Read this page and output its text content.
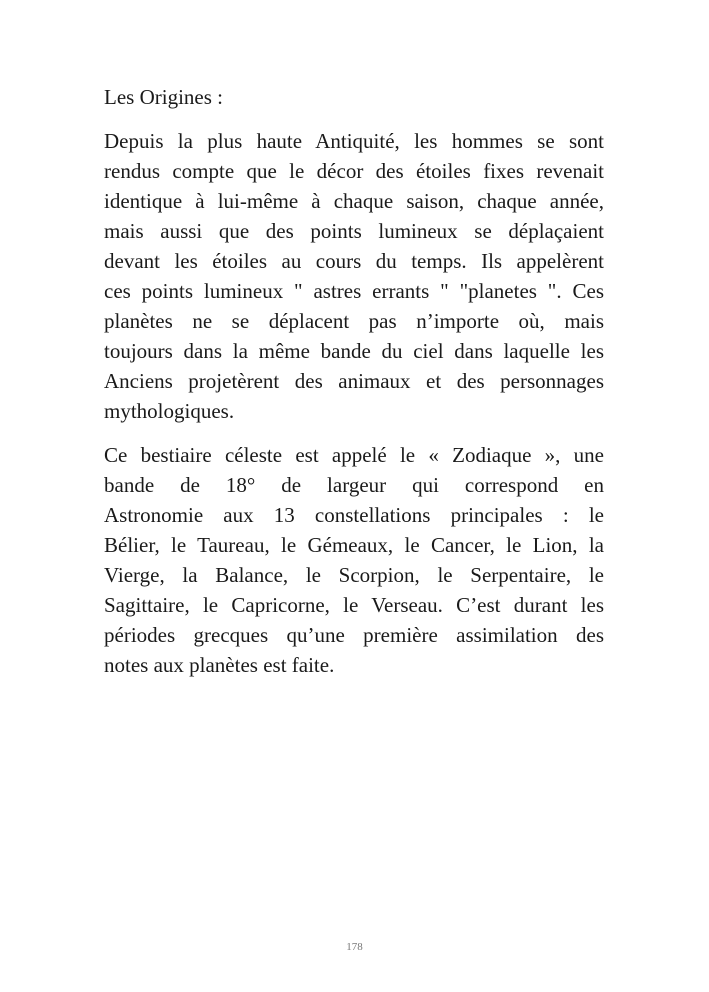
Les Origines :

Depuis la plus haute Antiquité, les hommes se sont
rendus compte que le décor des étoiles fixes revenait
identique à lui-même à chaque saison, chaque année,
mais aussi que des points lumineux se déplaçaient
devant les étoiles au cours du temps. Ils appelèrent
ces points lumineux " astres errants " "planetes ". Ces
planètes ne se déplacent pas n’importe où, mais
toujours dans la même bande du ciel dans laquelle les
Anciens projetèrent des animaux et des personnages
mythologiques.

Ce bestiaire céleste est appelé le « Zodiaque », une
bande de 18° de largeur qui correspond en
Astronomie aux 13 constellations principales : le
Bélier, le Taureau, le Gémeaux, le Cancer, le Lion, la
Vierge, la Balance, le Scorpion, le Serpentaire, le
Sagittaire, le Capricorne, le Verseau. C’est durant les
périodes grecques qu’une première assimilation des
notes aux planètes est faite.

178
